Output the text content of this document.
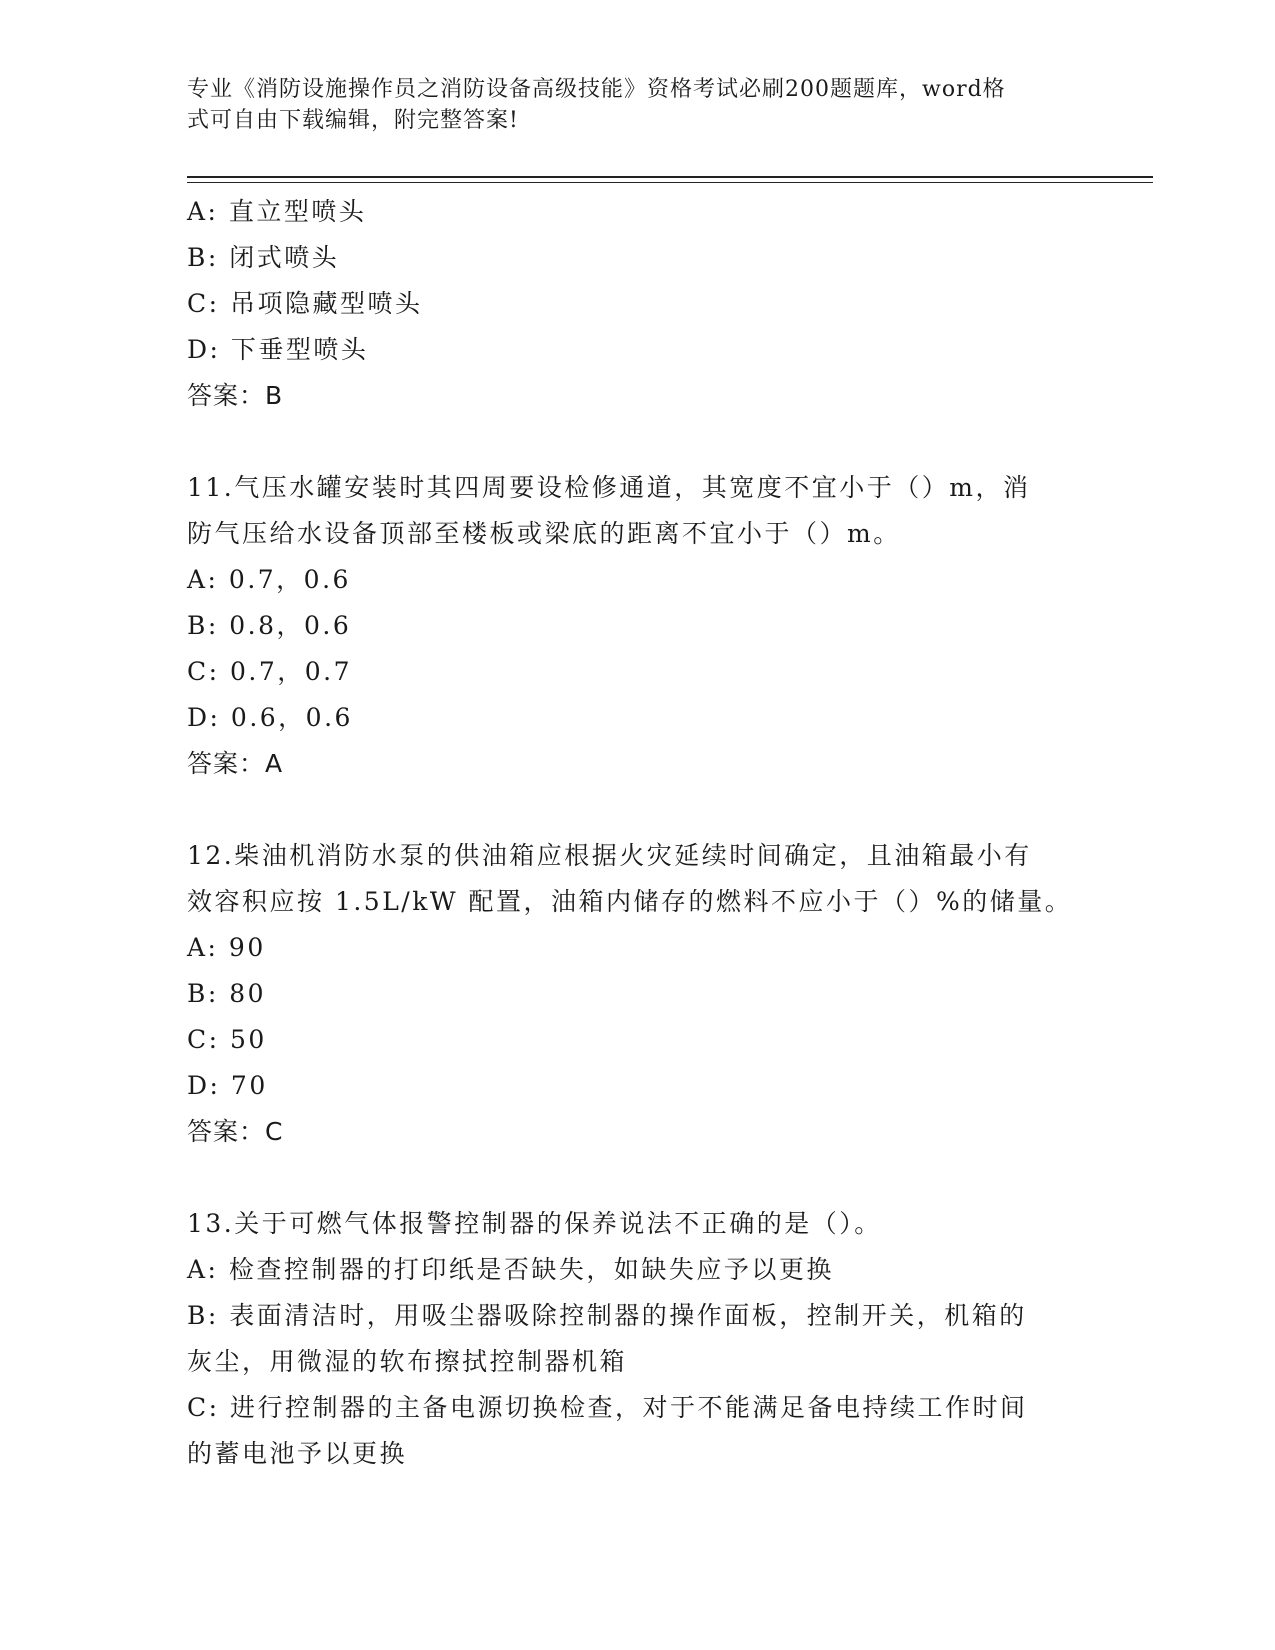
专业《消防设施操作员之消防设备高级技能》资格考试必刷200题题库，word格
式可自由下载编辑，附完整答案!
A: 直立型喷头
B: 闭式喷头
C: 吊项隐藏型喷头
D: 下垂型喷头
答案：B
11.气压水罐安装时其四周要设检修通道，其宽度不宜小于（）m，消
防气压给水设备顶部至楼板或梁底的距离不宜小于（）m。
A: 0.7，0.6
B: 0.8，0.6
C: 0.7，0.7
D: 0.6，0.6
答案：A
12.柴油机消防水泵的供油箱应根据火灾延续时间确定，且油箱最小有
效容积应按 1.5L/kW 配置，油箱内储存的燃料不应小于（）%的储量。
A: 90
B: 80
C: 50
D: 70
答案：C
13.关于可燃气体报警控制器的保养说法不正确的是（）。
A: 检查控制器的打印纸是否缺失，如缺失应予以更换
B: 表面清洁时，用吸尘器吸除控制器的操作面板，控制开关，机箱的
灰尘，用微湿的软布擦拭控制器机箱
C: 进行控制器的主备电源切换检查，对于不能满足备电持续工作时间
的蓄电池予以更换
